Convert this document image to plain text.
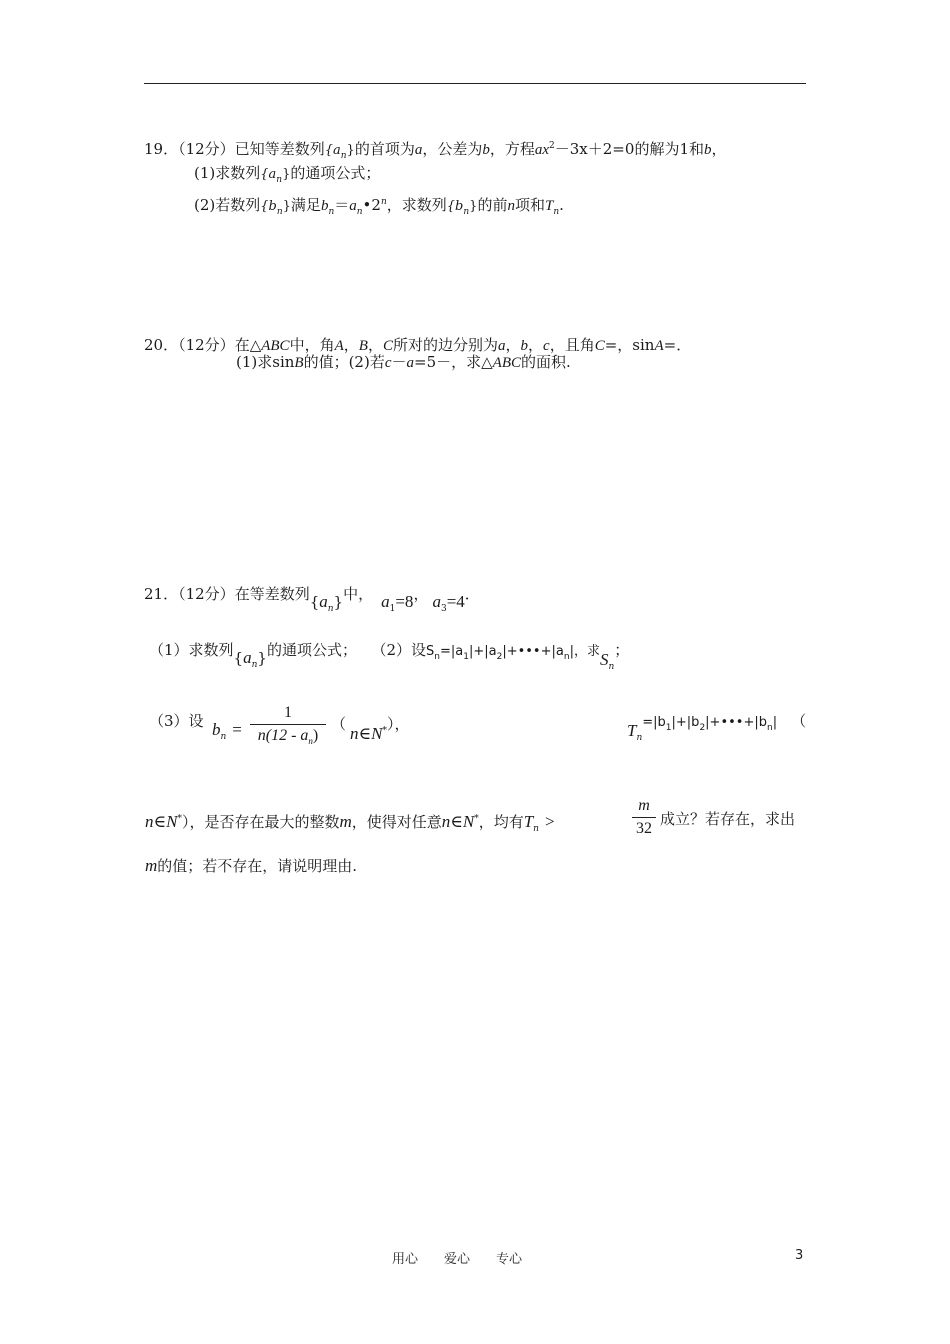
19．（12分）已知等差数列$\{a_n\}$的首项为a，公差为b，方程$ax^2-3x+2=0$的解为1和b，
(1)求数列$\{a_n\}$的通项公式；
(2)若数列$\{b_n\}$满足$b_n=a_n•2^n$，求数列$\{b_n\}$的前n项和$T_n$.
20．（12分）在△ABC中，角A，B，C所对的边分别为a，b，c，且角C=，sinA=．
(1)求sinB的值；(2)若c－a=5－，求△ABC的面积.
21．（12分）在等差数列$\{a_n\}$中， $a_1=8$， $a_3=4$．
（1）求数列$\{a_n\}$的通项公式； （2）设$S_n=|a_1|+|a_2|+•••+|a_n|$，求$S_n$；
（3）设 $b_n = \frac{1}{n(12 - a_n)}$ （ n∈N*），	$T_n=|b_1|+|b_2|+•••+|b_n|$ （
n∈N*），是否存在最大的整数m，使得对任意n∈N*，均有$T_n$ >	$\frac{m}{32}$ 成立？若存在，求出
m的值；若不存在，请说明理由.
用心　　爱心　　专心	3
